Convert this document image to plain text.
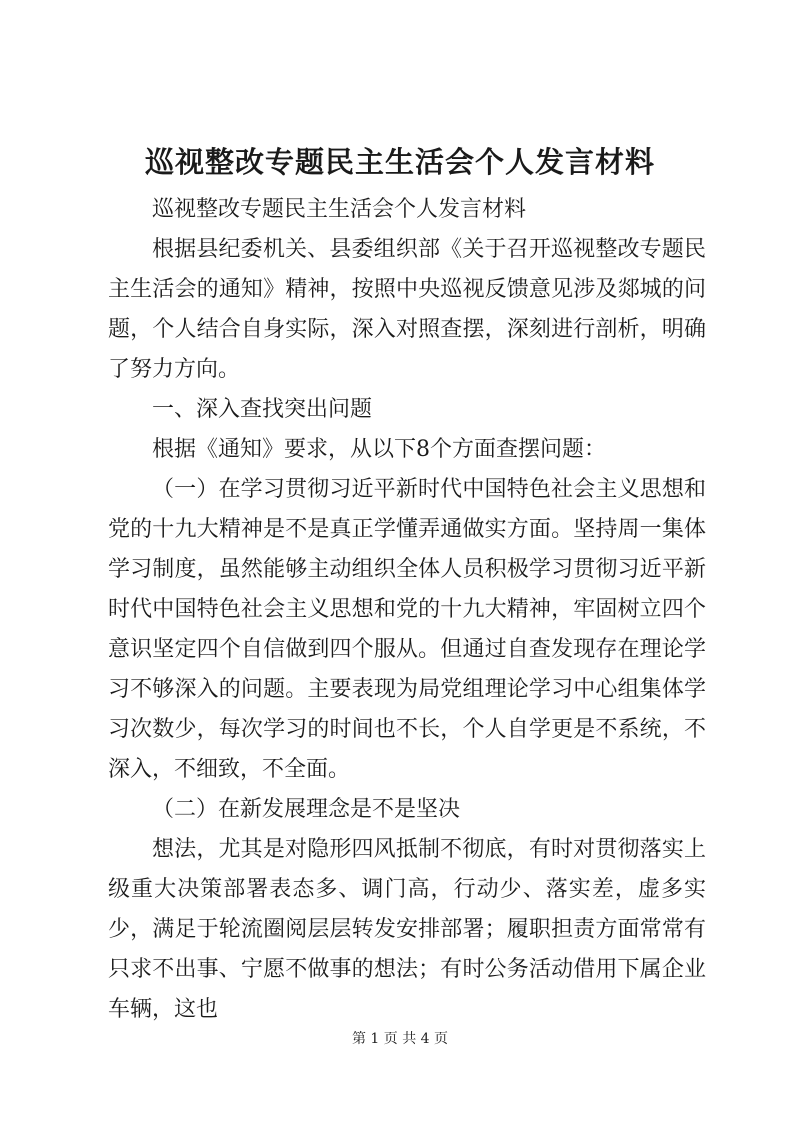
巡视整改专题民主生活会个人发言材料

巡视整改专题民主生活会个人发言材料

根据县纪委机关、县委组织部《关于召开巡视整改专题民主生活会的通知》精神，按照中央巡视反馈意见涉及郯城的问题，个人结合自身实际，深入对照查摆，深刻进行剖析，明确了努力方向。

一、深入查找突出问题

根据《通知》要求，从以下8个方面查摆问题：

（一）在学习贯彻习近平新时代中国特色社会主义思想和党的十九大精神是不是真正学懂弄通做实方面。坚持周一集体学习制度，虽然能够主动组织全体人员积极学习贯彻习近平新时代中国特色社会主义思想和党的十九大精神，牢固树立四个意识坚定四个自信做到四个服从。但通过自查发现存在理论学习不够深入的问题。主要表现为局党组理论学习中心组集体学习次数少，每次学习的时间也不长，个人自学更是不系统，不深入，不细致，不全面。

（二）在新发展理念是不是坚决

想法，尤其是对隐形四风抵制不彻底，有时对贯彻落实上级重大决策部署表态多、调门高，行动少、落实差，虚多实少，满足于轮流圈阅层层转发安排部署；履职担责方面常常有只求不出事、宁愿不做事的想法；有时公务活动借用下属企业车辆，这也

第 1 页 共 4 页
